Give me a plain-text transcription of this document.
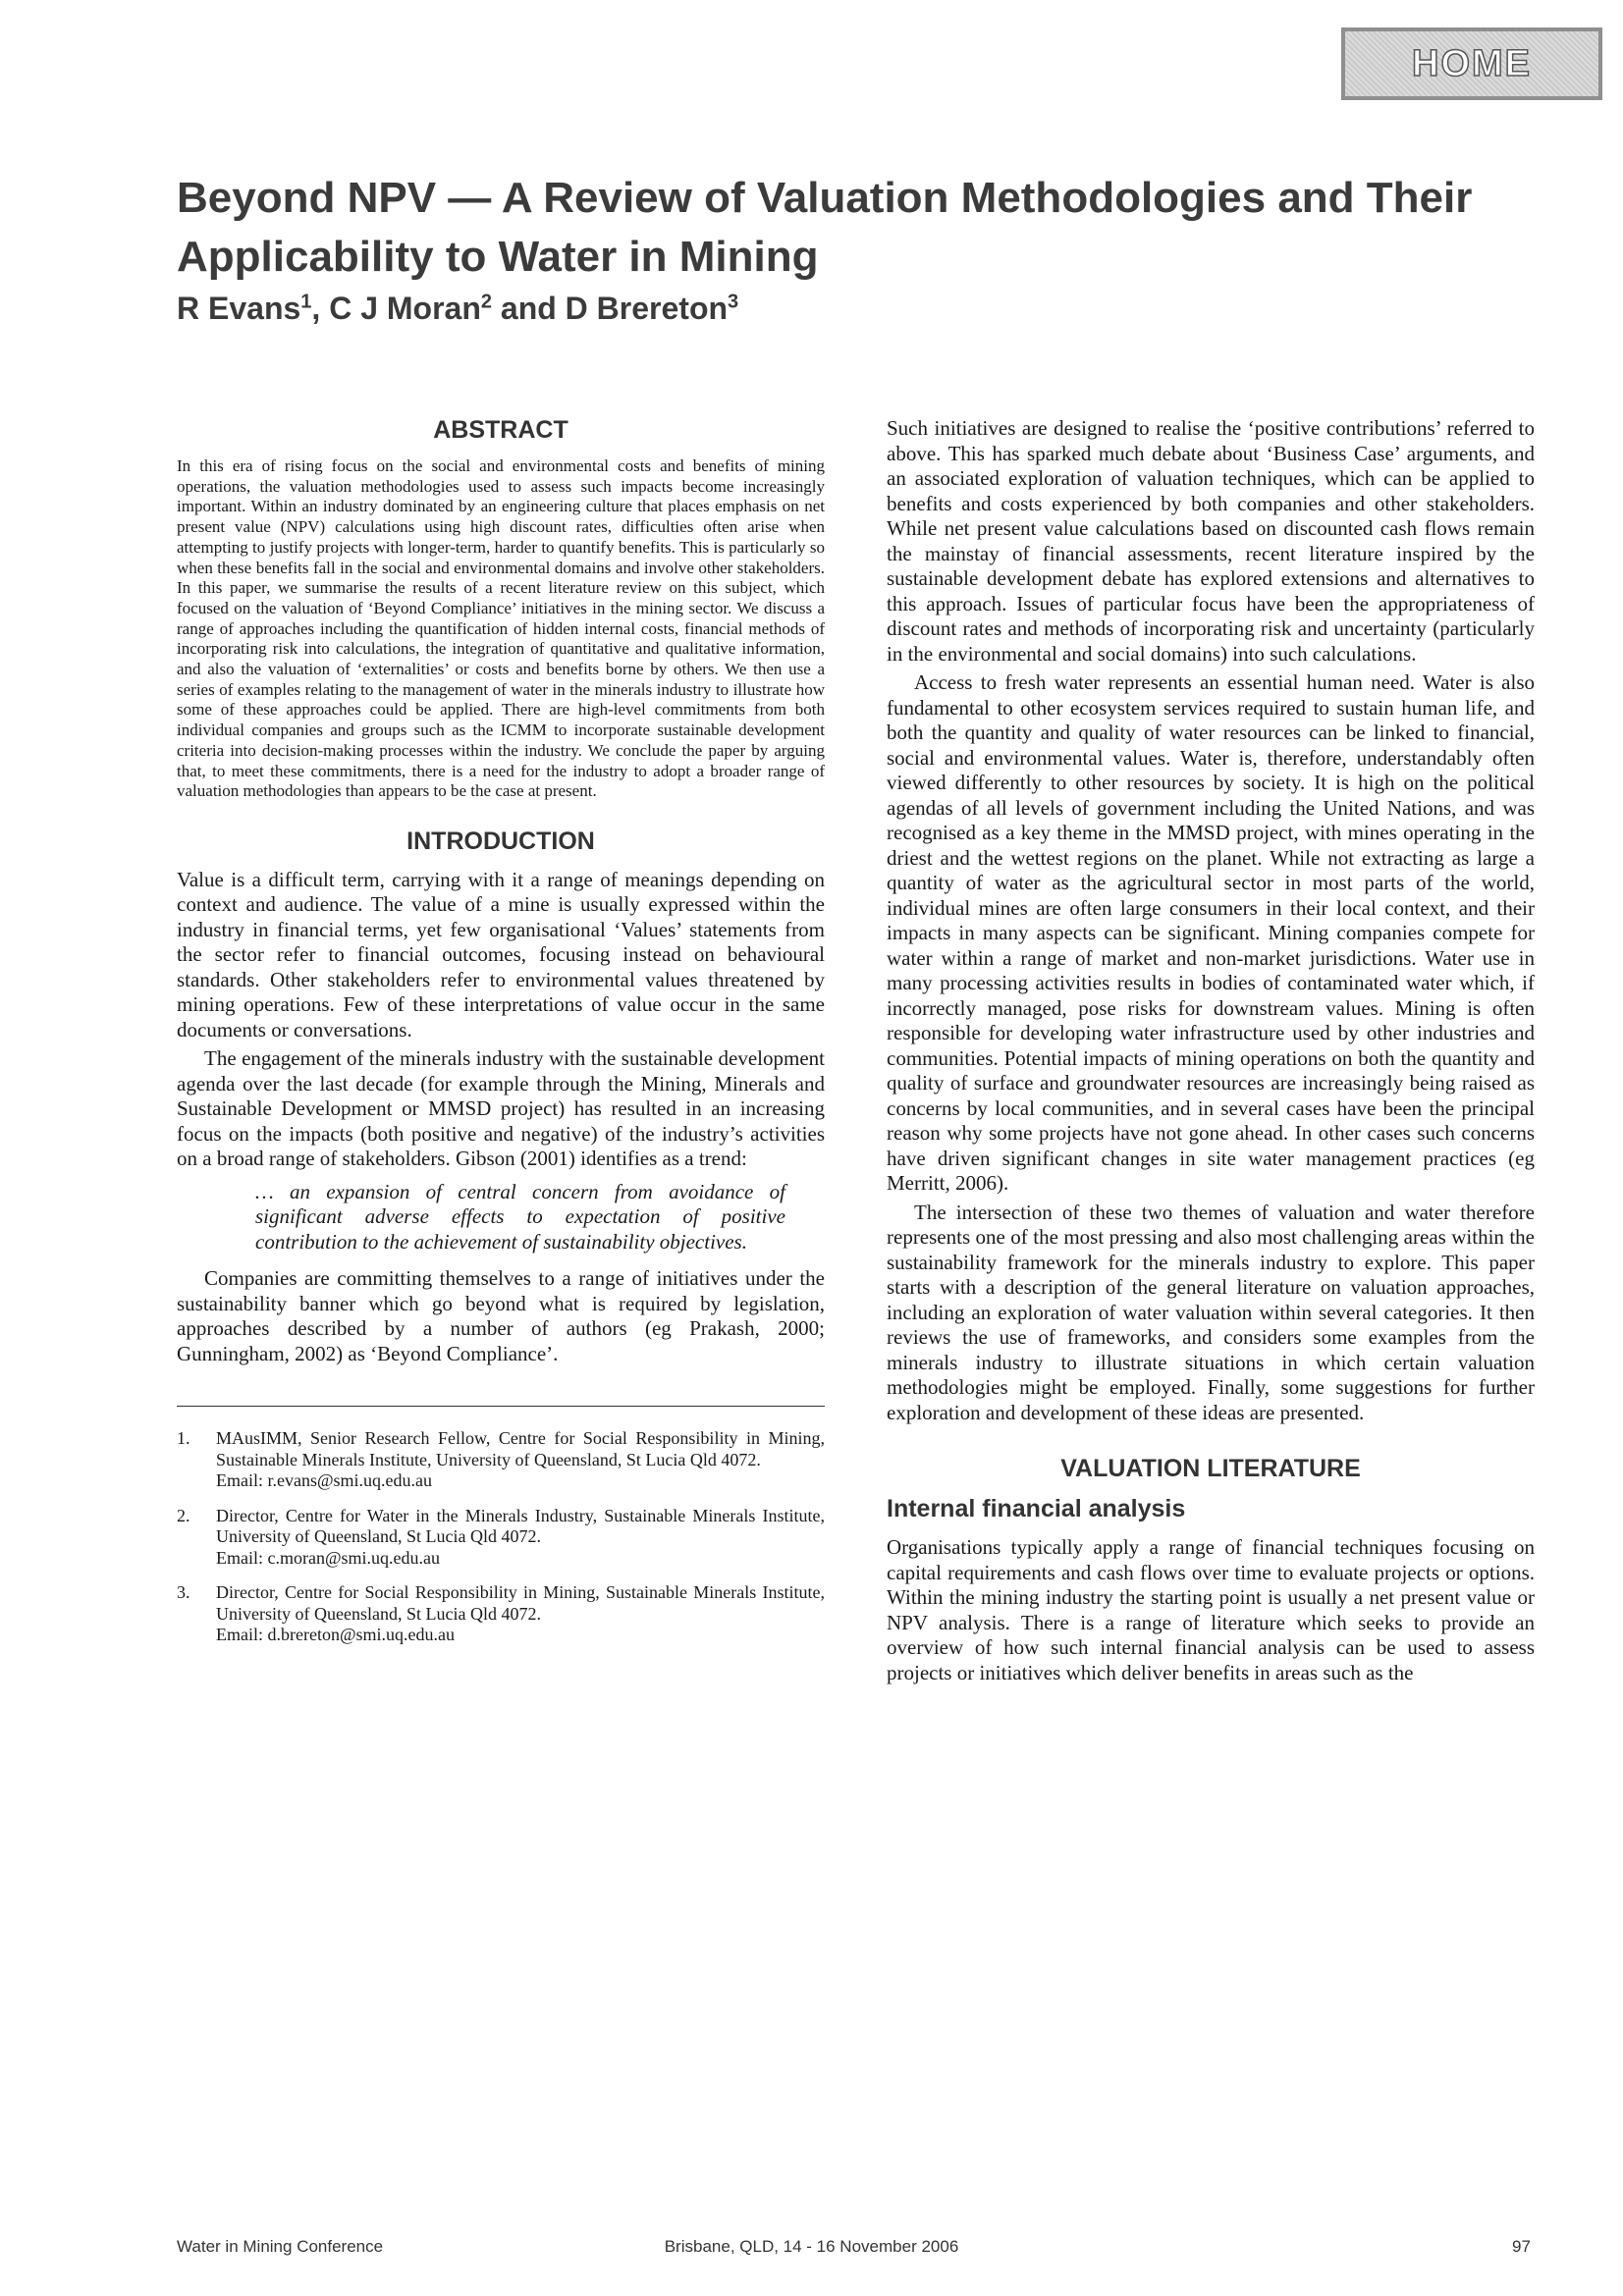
HOME
Beyond NPV — A Review of Valuation Methodologies and Their Applicability to Water in Mining

R Evans$^1$, C J Moran$^2$ and D Brereton$^3$

ABSTRACT

In this era of rising focus on the social and environmental costs and benefits of mining operations, the valuation methodologies used to assess such impacts become increasingly important. Within an industry dominated by an engineering culture that places emphasis on net present value (NPV) calculations using high discount rates, difficulties often arise when attempting to justify projects with longer-term, harder to quantify benefits. This is particularly so when these benefits fall in the social and environmental domains and involve other stakeholders. In this paper, we summarise the results of a recent literature review on this subject, which focused on the valuation of ‘Beyond Compliance’ initiatives in the mining sector. We discuss a range of approaches including the quantification of hidden internal costs, financial methods of incorporating risk into calculations, the integration of quantitative and qualitative information, and also the valuation of ‘externalities’ or costs and benefits borne by others. We then use a series of examples relating to the management of water in the minerals industry to illustrate how some of these approaches could be applied. There are high-level commitments from both individual companies and groups such as the ICMM to incorporate sustainable development criteria into decision-making processes within the industry. We conclude the paper by arguing that, to meet these commitments, there is a need for the industry to adopt a broader range of valuation methodologies than appears to be the case at present.

INTRODUCTION

Value is a difficult term, carrying with it a range of meanings depending on context and audience. The value of a mine is usually expressed within the industry in financial terms, yet few organisational ‘Values’ statements from the sector refer to financial outcomes, focusing instead on behavioural standards. Other stakeholders refer to environmental values threatened by mining operations. Few of these interpretations of value occur in the same documents or conversations.

The engagement of the minerals industry with the sustainable development agenda over the last decade (for example through the Mining, Minerals and Sustainable Development or MMSD project) has resulted in an increasing focus on the impacts (both positive and negative) of the industry’s activities on a broad range of stakeholders. Gibson (2001) identifies as a trend:

… an expansion of central concern from avoidance of significant adverse effects to expectation of positive contribution to the achievement of sustainability objectives.

Companies are committing themselves to a range of initiatives under the sustainability banner which go beyond what is required by legislation, approaches described by a number of authors (eg Prakash, 2000; Gunningham, 2002) as ‘Beyond Compliance’.

1.	MAusIMM, Senior Research Fellow, Centre for Social Responsibility in Mining, Sustainable Minerals Institute, University of Queensland, St Lucia Qld 4072.
Email: r.evans@smi.uq.edu.au
2.	Director, Centre for Water in the Minerals Industry, Sustainable Minerals Institute, University of Queensland, St Lucia Qld 4072.
Email: c.moran@smi.uq.edu.au
3.	Director, Centre for Social Responsibility in Mining, Sustainable Minerals Institute, University of Queensland, St Lucia Qld 4072.
Email: d.brereton@smi.uq.edu.au

Such initiatives are designed to realise the ‘positive contributions’ referred to above. This has sparked much debate about ‘Business Case’ arguments, and an associated exploration of valuation techniques, which can be applied to benefits and costs experienced by both companies and other stakeholders. While net present value calculations based on discounted cash flows remain the mainstay of financial assessments, recent literature inspired by the sustainable development debate has explored extensions and alternatives to this approach. Issues of particular focus have been the appropriateness of discount rates and methods of incorporating risk and uncertainty (particularly in the environmental and social domains) into such calculations.

Access to fresh water represents an essential human need. Water is also fundamental to other ecosystem services required to sustain human life, and both the quantity and quality of water resources can be linked to financial, social and environmental values. Water is, therefore, understandably often viewed differently to other resources by society. It is high on the political agendas of all levels of government including the United Nations, and was recognised as a key theme in the MMSD project, with mines operating in the driest and the wettest regions on the planet. While not extracting as large a quantity of water as the agricultural sector in most parts of the world, individual mines are often large consumers in their local context, and their impacts in many aspects can be significant. Mining companies compete for water within a range of market and non-market jurisdictions. Water use in many processing activities results in bodies of contaminated water which, if incorrectly managed, pose risks for downstream values. Mining is often responsible for developing water infrastructure used by other industries and communities. Potential impacts of mining operations on both the quantity and quality of surface and groundwater resources are increasingly being raised as concerns by local communities, and in several cases have been the principal reason why some projects have not gone ahead. In other cases such concerns have driven significant changes in site water management practices (eg Merritt, 2006).

The intersection of these two themes of valuation and water therefore represents one of the most pressing and also most challenging areas within the sustainability framework for the minerals industry to explore. This paper starts with a description of the general literature on valuation approaches, including an exploration of water valuation within several categories. It then reviews the use of frameworks, and considers some examples from the minerals industry to illustrate situations in which certain valuation methodologies might be employed. Finally, some suggestions for further exploration and development of these ideas are presented.

VALUATION LITERATURE
Internal financial analysis

Organisations typically apply a range of financial techniques focusing on capital requirements and cash flows over time to evaluate projects or options. Within the mining industry the starting point is usually a net present value or NPV analysis. There is a range of literature which seeks to provide an overview of how such internal financial analysis can be used to assess projects or initiatives which deliver benefits in areas such as the

Water in Mining Conference	Brisbane, QLD, 14 - 16 November 2006	97
